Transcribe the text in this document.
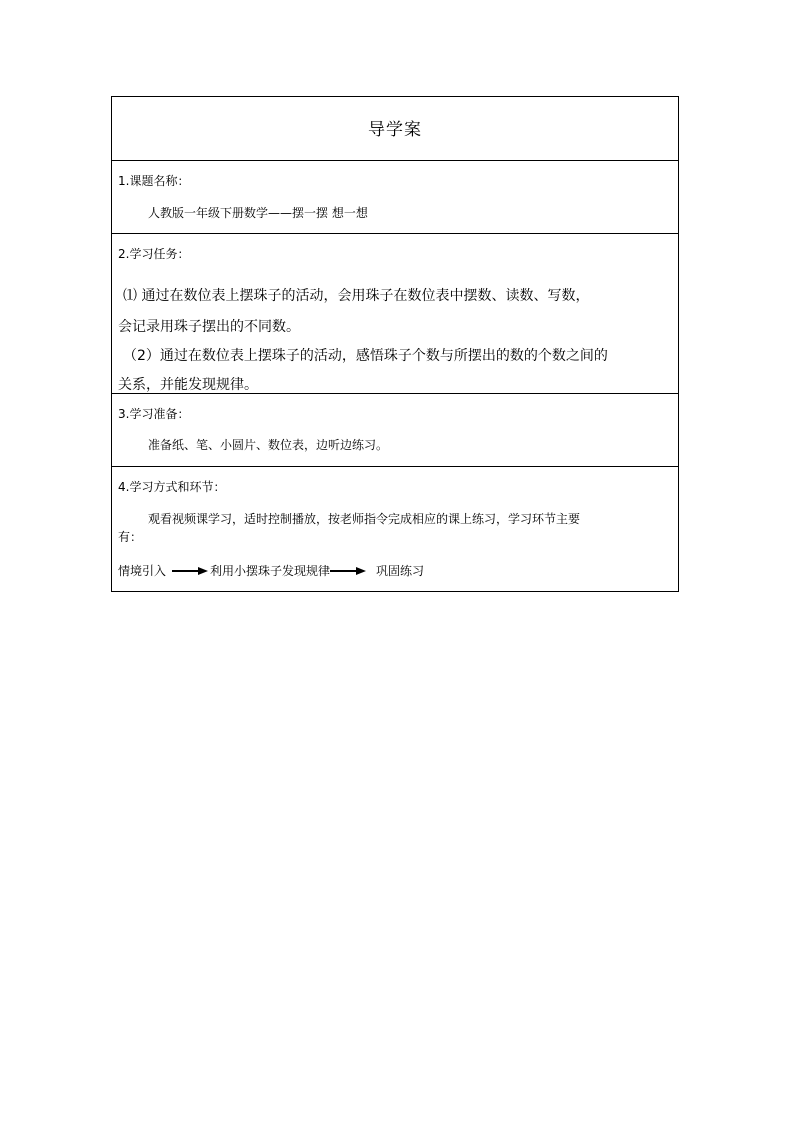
导学案
1.课题名称：
人教版一年级下册数学——摆一摆 想一想
2.学习任务：
⑴ 通过在数位表上摆珠子的活动，会用珠子在数位表中摆数、读数、写数，
会记录用珠子摆出的不同数。
（2）通过在数位表上摆珠子的活动，感悟珠子个数与所摆出的数的个数之间的
关系，并能发现规律。
3.学习准备：
准备纸、笔、小圆片、数位表，边听边练习。
4.学习方式和环节：
观看视频课学习，适时控制播放，按老师指令完成相应的课上练习，学习环节主要
有：
情境引入	利用小摆珠子发现规律	巩固练习
